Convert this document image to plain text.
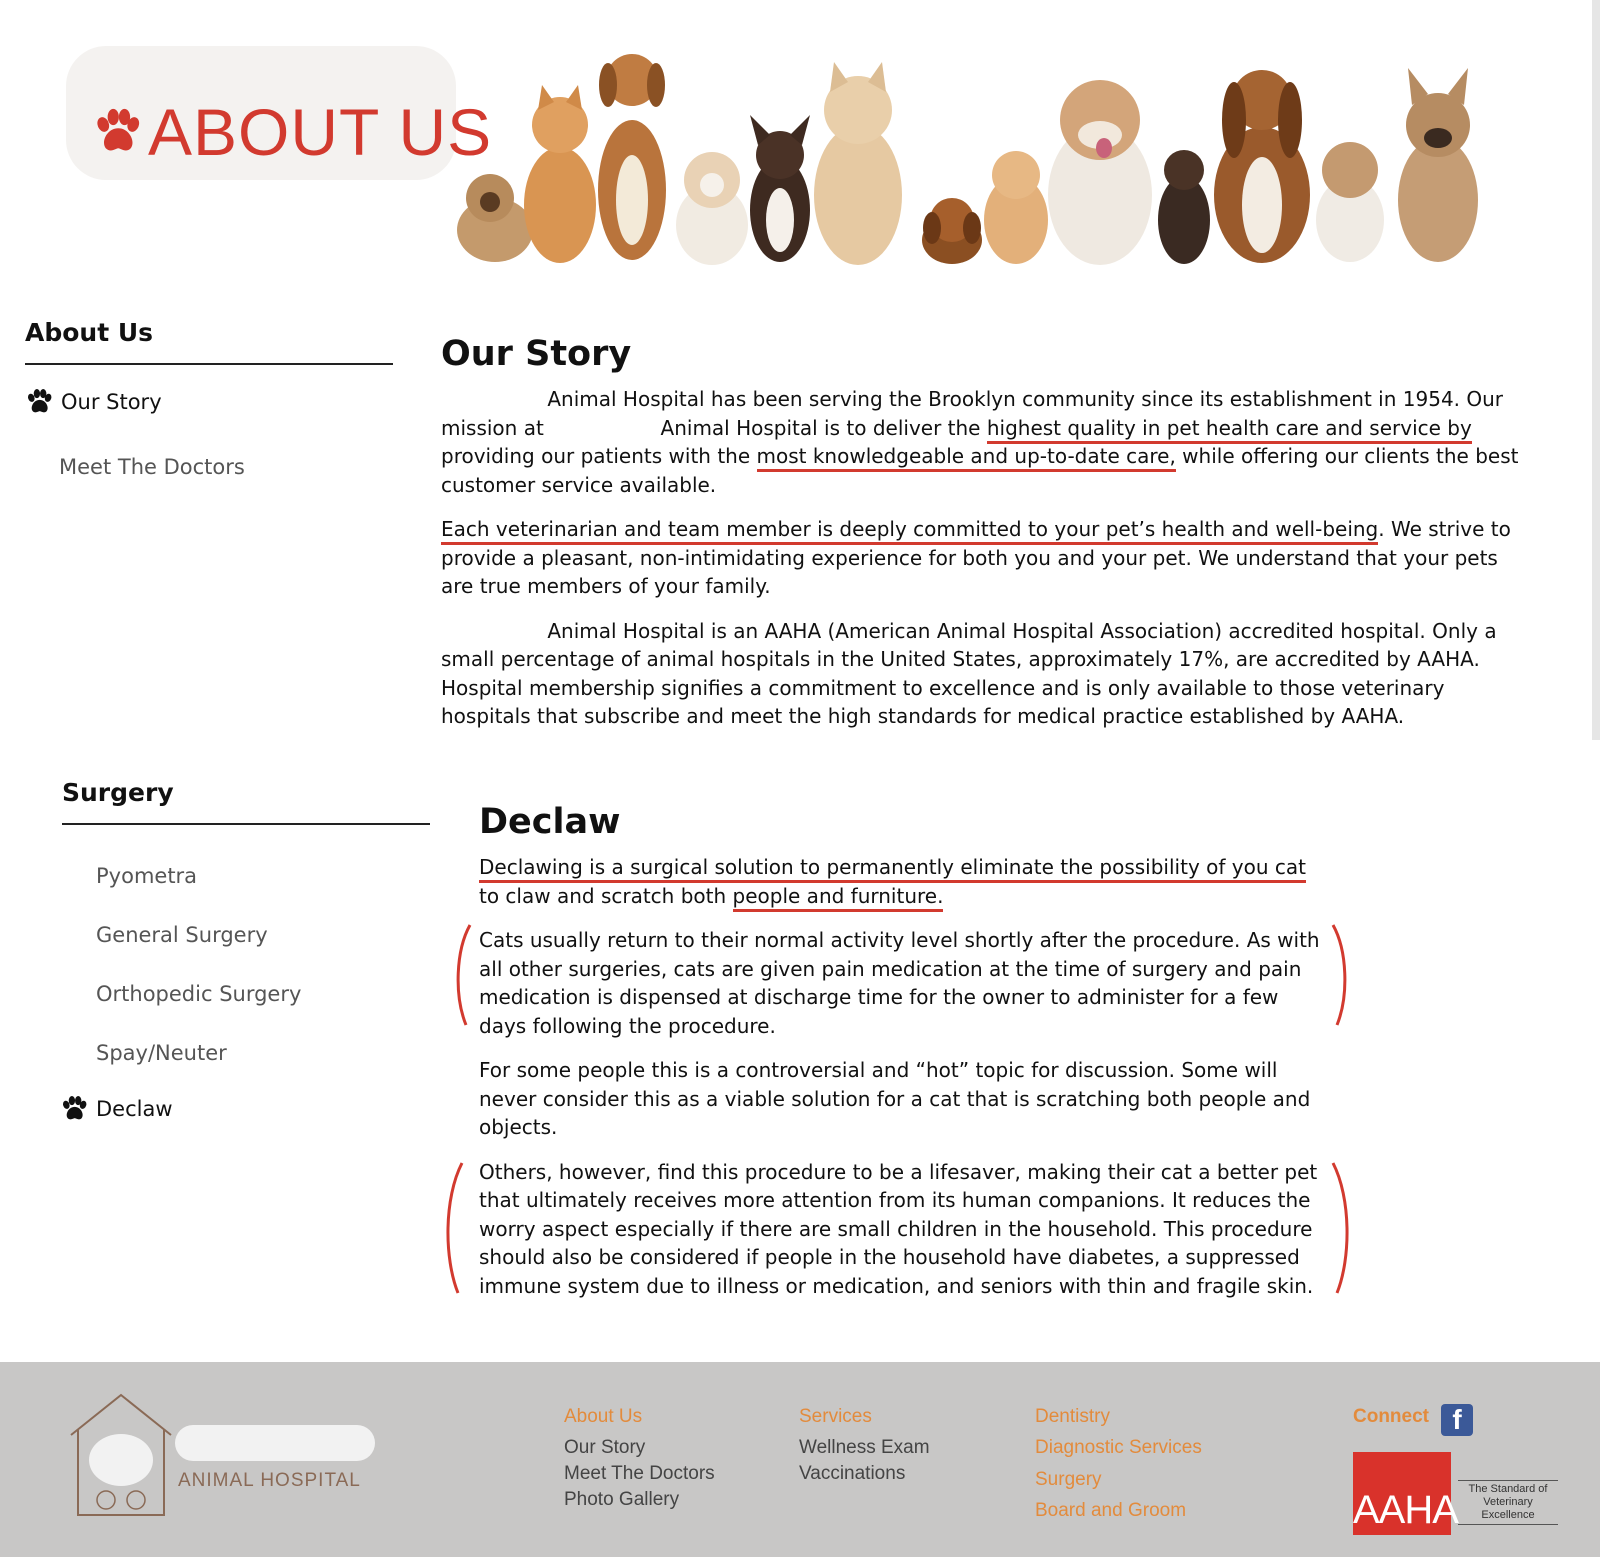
ABOUT US
About Us
Our Story
Meet The Doctors
Our Story

Animal Hospital has been serving the Brooklyn community since its establishment in 1954. Our mission at	Animal Hospital is to deliver the highest quality in pet health care and service by providing our patients with the most knowledgeable and up-to-date care, while offering our clients the best customer service available.

Each veterinarian and team member is deeply committed to your pet’s health and well-being. We strive to provide a pleasant, non-intimidating experience for both you and your pet. We understand that your pets are true members of your family.

Animal Hospital is an AAHA (American Animal Hospital Association) accredited hospital. Only a small percentage of animal hospitals in the United States, approximately 17%, are accredited by AAHA. Hospital membership signifies a commitment to excellence and is only available to those veterinary hospitals that subscribe and meet the high standards for medical practice established by AAHA.

Surgery
Pyometra
General Surgery
Orthopedic Surgery
Spay/Neuter
Declaw
Declaw

Declawing is a surgical solution to permanently eliminate the possibility of you cat to claw and scratch both people and furniture.

Cats usually return to their normal activity level shortly after the procedure. As with all other surgeries, cats are given pain medication at the time of surgery and pain medication is dispensed at discharge time for the owner to administer for a few days following the procedure.

For some people this is a controversial and “hot” topic for discussion. Some will never consider this as a viable solution for a cat that is scratching both people and objects.

Others, however, find this procedure to be a lifesaver, making their cat a better pet that ultimately receives more attention from its human companions. It reduces the worry aspect especially if there are small children in the household. This procedure should also be considered if people in the household have diabetes, a suppressed immune system due to illness or medication, and seniors with thin and fragile skin.

ANIMAL HOSPITAL
About Us
Our Story
Meet The Doctors
Photo Gallery
Services
Wellness Exam
Vaccinations
Dentistry
Diagnostic Services
Surgery
Board and Groom
Connect f
AAHA The Standard of
Veterinary Excellence
